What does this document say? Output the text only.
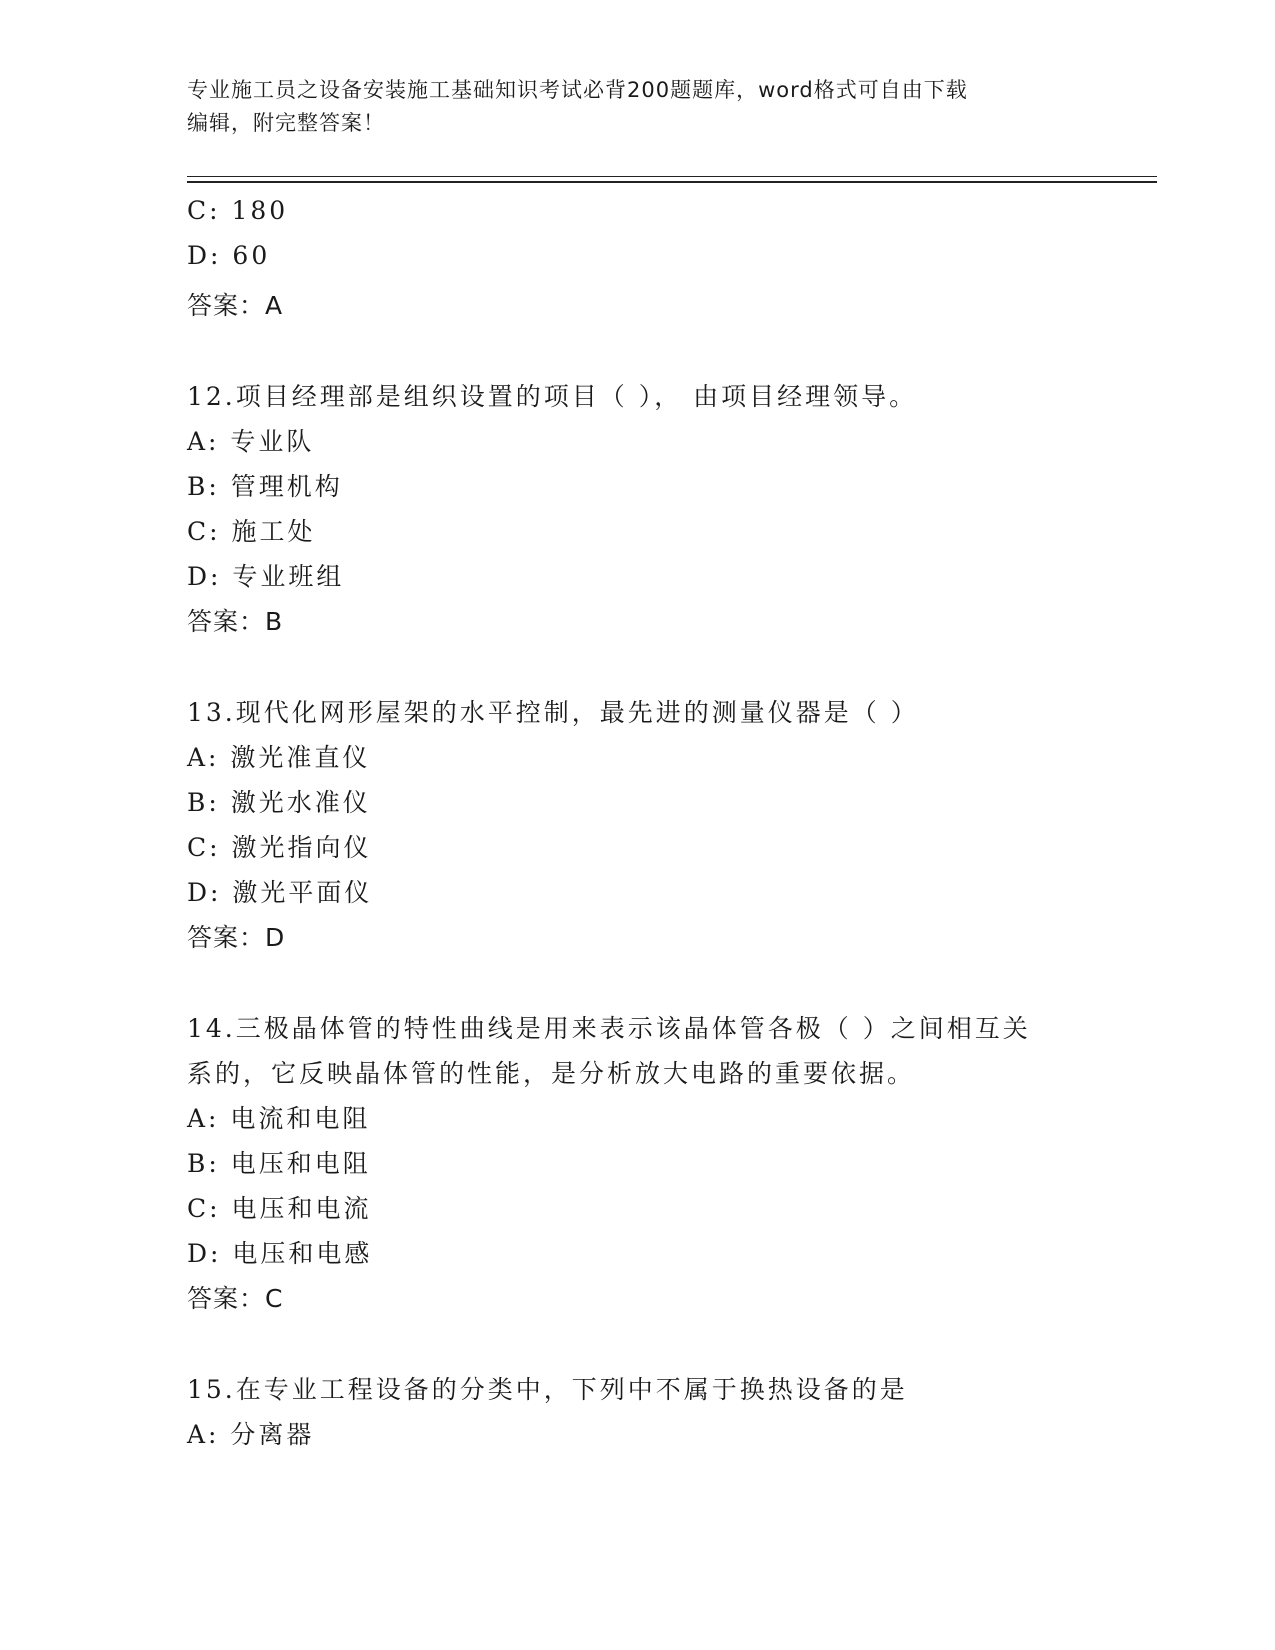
专业施工员之设备安装施工基础知识考试必背200题题库，word格式可自由下载
编辑，附完整答案！
C: 180
D: 60
答案：A
12.项目经理部是组织设置的项目（ ）， 由项目经理领导。
A: 专业队
B: 管理机构
C: 施工处
D: 专业班组
答案：B
13.现代化网形屋架的水平控制，最先进的测量仪器是（ ）
A: 激光准直仪
B: 激光水准仪
C: 激光指向仪
D: 激光平面仪
答案：D
14.三极晶体管的特性曲线是用来表示该晶体管各极（ ）之间相互关
系的，它反映晶体管的性能，是分析放大电路的重要依据。
A: 电流和电阻
B: 电压和电阻
C: 电压和电流
D: 电压和电感
答案：C
15.在专业工程设备的分类中，下列中不属于换热设备的是
A: 分离器
